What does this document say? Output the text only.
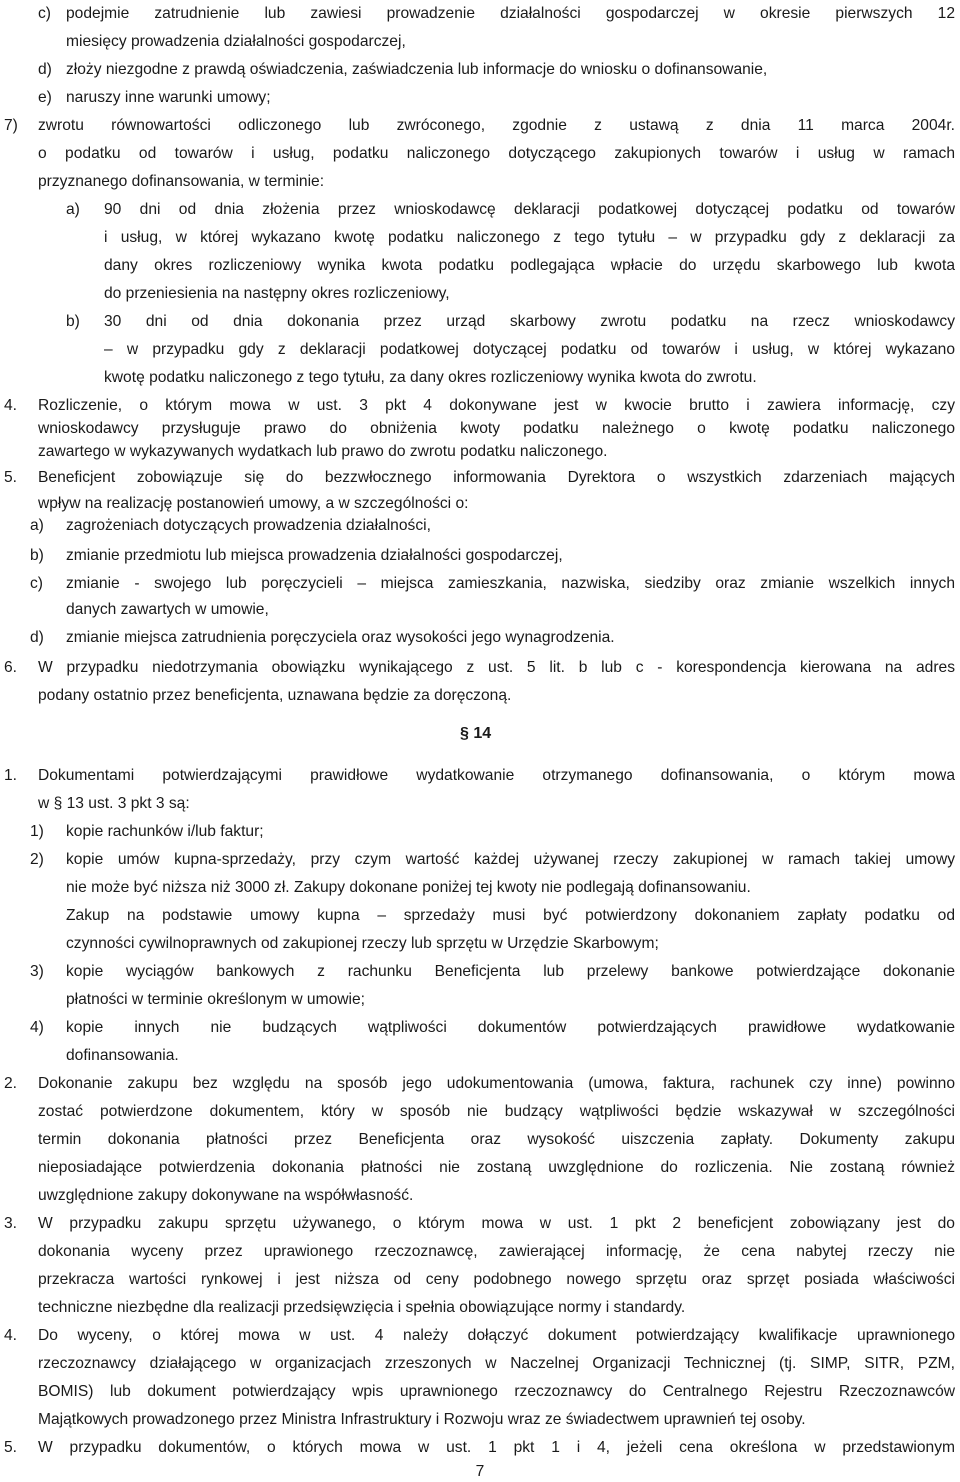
§ 14
7
c) podejmie zatrudnienie lub zawiesi prowadzenie działalności gospodarczej w okresie pierwszych 12
miesięcy prowadzenia działalności gospodarczej,
d) złoży niezgodne z prawdą oświadczenia, zaświadczenia lub informacje do wniosku o dofinansowanie,
e) naruszy inne warunki umowy;
7) zwrotu równowartości odliczonego lub zwróconego, zgodnie z ustawą z dnia 11 marca 2004r.
o podatku od towarów i usług, podatku naliczonego dotyczącego zakupionych towarów i usług w ramach
przyznanego dofinansowania, w terminie:
a) 90 dni od dnia złożenia przez wnioskodawcę deklaracji podatkowej dotyczącej podatku od towarów
i usług, w której wykazano kwotę podatku naliczonego z tego tytułu – w przypadku gdy z deklaracji za
dany okres rozliczeniowy wynika kwota podatku podlegająca wpłacie do urzędu skarbowego lub kwota
do przeniesienia na następny okres rozliczeniowy,
b) 30 dni od dnia dokonania przez urząd skarbowy zwrotu podatku na rzecz wnioskodawcy
– w przypadku gdy z deklaracji podatkowej dotyczącej podatku od towarów i usług, w której wykazano
kwotę podatku naliczonego z tego tytułu, za dany okres rozliczeniowy wynika kwota do zwrotu.
4. Rozliczenie, o którym mowa w ust. 3 pkt 4 dokonywane jest w kwocie brutto i zawiera informację, czy
wnioskodawcy przysługuje prawo do obniżenia kwoty podatku należnego o kwotę podatku naliczonego
zawartego w wykazywanych wydatkach lub prawo do zwrotu podatku naliczonego.
5. Beneficjent zobowiązuje się do bezzwłocznego informowania Dyrektora o wszystkich zdarzeniach mających
wpływ na realizację postanowień umowy, a w szczególności o:
a) zagrożeniach dotyczących prowadzenia działalności,
b) zmianie przedmiotu lub miejsca prowadzenia działalności gospodarczej,
c) zmianie - swojego lub poręczycieli – miejsca zamieszkania, nazwiska, siedziby oraz zmianie wszelkich innych
danych zawartych w umowie,
d) zmianie miejsca zatrudnienia poręczyciela oraz wysokości jego wynagrodzenia.
6. W przypadku niedotrzymania obowiązku wynikającego z ust. 5 lit. b lub c - korespondencja kierowana na adres
podany ostatnio przez beneficjenta, uznawana będzie za doręczoną.
1. Dokumentami potwierdzającymi prawidłowe wydatkowanie otrzymanego dofinansowania, o którym mowa
w § 13 ust. 3 pkt 3 są:
1) kopie rachunków i/lub faktur;
2) kopie umów kupna-sprzedaży, przy czym wartość każdej używanej rzeczy zakupionej w ramach takiej umowy
nie może być niższa niż 3000 zł. Zakupy dokonane poniżej tej kwoty nie podlegają dofinansowaniu.
Zakup na podstawie umowy kupna – sprzedaży musi być potwierdzony dokonaniem zapłaty podatku od
czynności cywilnoprawnych od zakupionej rzeczy lub sprzętu w Urzędzie Skarbowym;
3) kopie wyciągów bankowych z rachunku Beneficjenta lub przelewy bankowe potwierdzające dokonanie
płatności w terminie określonym w umowie;
4) kopie innych nie budzących wątpliwości dokumentów potwierdzających prawidłowe wydatkowanie
dofinansowania.
2. Dokonanie zakupu bez względu na sposób jego udokumentowania (umowa, faktura, rachunek czy inne) powinno
zostać potwierdzone dokumentem, który w sposób nie budzący wątpliwości będzie wskazywał w szczególności
termin dokonania płatności przez Beneficjenta oraz wysokość uiszczenia zapłaty. Dokumenty zakupu
nieposiadające potwierdzenia dokonania płatności nie zostaną uwzględnione do rozliczenia. Nie zostaną również
uwzględnione zakupy dokonywane na współwłasność.
3. W przypadku zakupu sprzętu używanego, o którym mowa w ust. 1 pkt 2 beneficjent zobowiązany jest do
dokonania wyceny przez uprawionego rzeczoznawcę, zawierającej informację, że cena nabytej rzeczy nie
przekracza wartości rynkowej i jest niższa od ceny podobnego nowego sprzętu oraz sprzęt posiada właściwości
techniczne niezbędne dla realizacji przedsięwzięcia i spełnia obowiązujące normy i standardy.
4. Do wyceny, o której mowa w ust. 4 należy dołączyć dokument potwierdzający kwalifikacje uprawnionego
rzeczoznawcy działającego w organizacjach zrzeszonych w Naczelnej Organizacji Technicznej (tj. SIMP, SITR, PZM,
BOMIS) lub dokument potwierdzający wpis uprawnionego rzeczoznawcy do Centralnego Rejestru Rzeczoznawców
Majątkowych prowadzonego przez Ministra Infrastruktury i Rozwoju wraz ze świadectwem uprawnień tej osoby.
5. W przypadku dokumentów, o których mowa w ust. 1 pkt 1 i 4, jeżeli cena określona w przedstawionym
